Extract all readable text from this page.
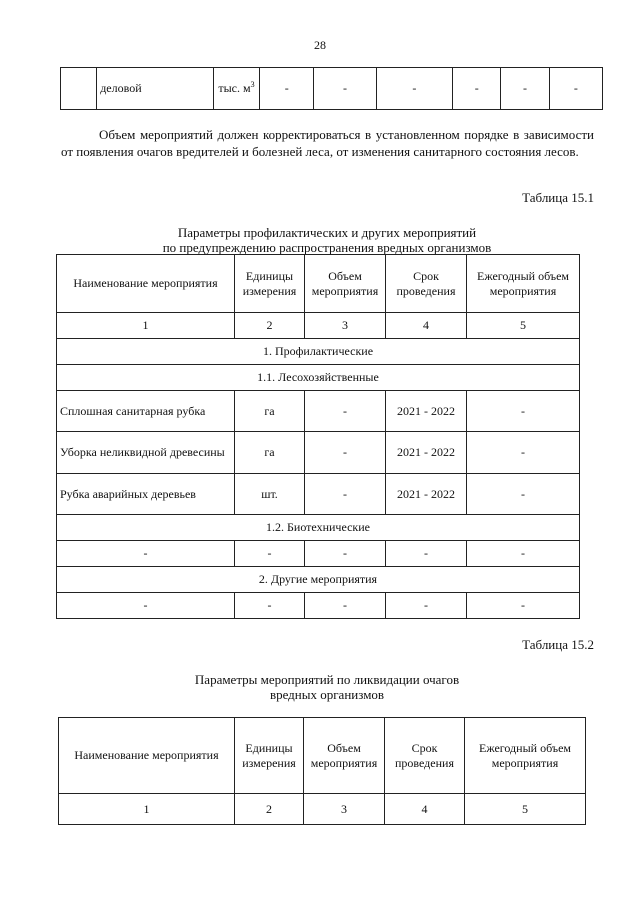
28
	деловой	тыс. $м^3$	-	-	-	-	-	-
Объем мероприятий должен корректироваться в установленном порядке в зависимости от появления очагов вредителей и болезней леса, от изменения санитарного состояния лесов.
Таблица 15.1
Параметры профилактических и других мероприятий
по предупреждению распространения вредных организмов
Наименование мероприятия	Единицы измерения	Объем мероприятия	Срок проведения	Ежегодный объем мероприятия
1	2	3	4	5
1. Профилактические				
1.1. Лесохозяйственные				
Сплошная санитарная рубка	га	-	2021 - 2022	-
Уборка неликвидной древесины	га	-	2021 - 2022	-
Рубка аварийных деревьев	шт.	-	2021 - 2022	-
1.2. Биотехнические				
-	-	-	-	-
2. Другие мероприятия				
-	-	-	-	-
Таблица 15.2
Параметры мероприятий по ликвидации очагов
вредных организмов
Наименование мероприятия	Единицы измерения	Объем мероприятия	Срок проведения	Ежегодный объем мероприятия
1	2	3	4	5
